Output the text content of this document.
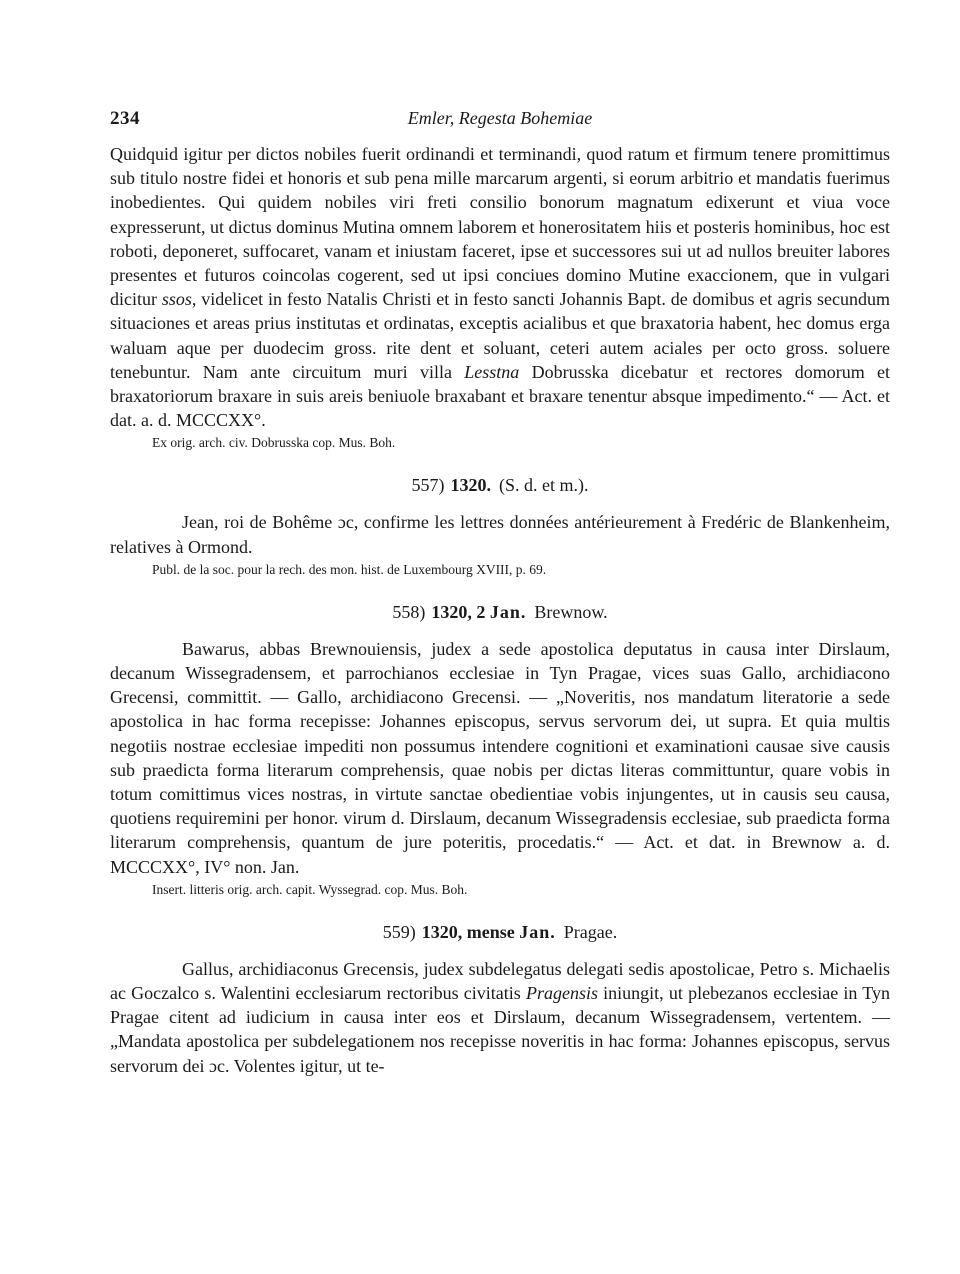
234	Emler, Regesta Bohemiae

Quidquid igitur per dictos nobiles fuerit ordinandi et terminandi, quod ratum et firmum tenere promittimus sub titulo nostre fidei et honoris et sub pena mille marcarum argenti, si eorum arbitrio et mandatis fuerimus inobedientes. Qui quidem nobiles viri freti consilio bonorum magnatum edixerunt et viua voce expresserunt, ut dictus dominus Mutina omnem laborem et honerositatem hiis et posteris hominibus, hoc est roboti, deponeret, suffocaret, vanam et iniustam faceret, ipse et successores sui ut ad nullos breuiter labores presentes et futuros coincolas cogerent, sed ut ipsi conciues domino Mutine exaccionem, que in vulgari dicitur ssos, videlicet in festo Natalis Christi et in festo sancti Johannis Bapt. de domibus et agris secundum situaciones et areas prius institutas et ordinatas, exceptis acialibus et que braxatoria habent, hec domus erga waluam aque per duodecim gross. rite dent et soluant, ceteri autem aciales per octo gross. soluere tenebuntur. Nam ante circuitum muri villa Lesstna Dobrusska dicebatur et rectores domorum et braxatoriorum braxare in suis areis beniuole braxabant et braxare tenentur absque impedimento.“ — Act. et dat. a. d. MCCCXX°.

Ex orig. arch. civ. Dobrusska cop. Mus. Boh.
557) 1320. (S. d. et m.).

Jean, roi de Bohême ɔc, confirme les lettres données antérieurement à Fredéric de Blankenheim, relatives à Ormond.

Publ. de la soc. pour la rech. des mon. hist. de Luxembourg XVIII, p. 69.
558) 1320, 2 Jan. Brewnow.

Bawarus, abbas Brewnouiensis, judex a sede apostolica deputatus in causa inter Dirslaum, decanum Wissegradensem, et parrochianos ecclesiae in Tyn Pragae, vices suas Gallo, archidiacono Grecensi, committit. — Gallo, archidiacono Grecensi. — „Noveritis, nos mandatum literatorie a sede apostolica in hac forma recepisse: Johannes episcopus, servus servorum dei, ut supra. Et quia multis negotiis nostrae ecclesiae impediti non possumus intendere cognitioni et examinationi causae sive causis sub praedicta forma literarum comprehensis, quae nobis per dictas literas committuntur, quare vobis in totum comittimus vices nostras, in virtute sanctae obedientiae vobis injungentes, ut in causis seu causa, quotiens requiremini per honor. virum d. Dirslaum, decanum Wissegradensis ecclesiae, sub praedicta forma literarum comprehensis, quantum de jure poteritis, procedatis.“ — Act. et dat. in Brewnow a. d. MCCCXX°, IV° non. Jan.

Insert. litteris orig. arch. capit. Wyssegrad. cop. Mus. Boh.
559) 1320, mense Jan. Pragae.

Gallus, archidiaconus Grecensis, judex subdelegatus delegati sedis apostolicae, Petro s. Michaelis ac Goczalco s. Walentini ecclesiarum rectoribus civitatis Pragensis iniungit, ut plebezanos ecclesiae in Tyn Pragae citent ad iudicium in causa inter eos et Dirslaum, decanum Wissegradensem, vertentem. — „Mandata apostolica per subdelegationem nos recepisse noveritis in hac forma: Johannes episcopus, servus servorum dei ɔc. Volentes igitur, ut te-
